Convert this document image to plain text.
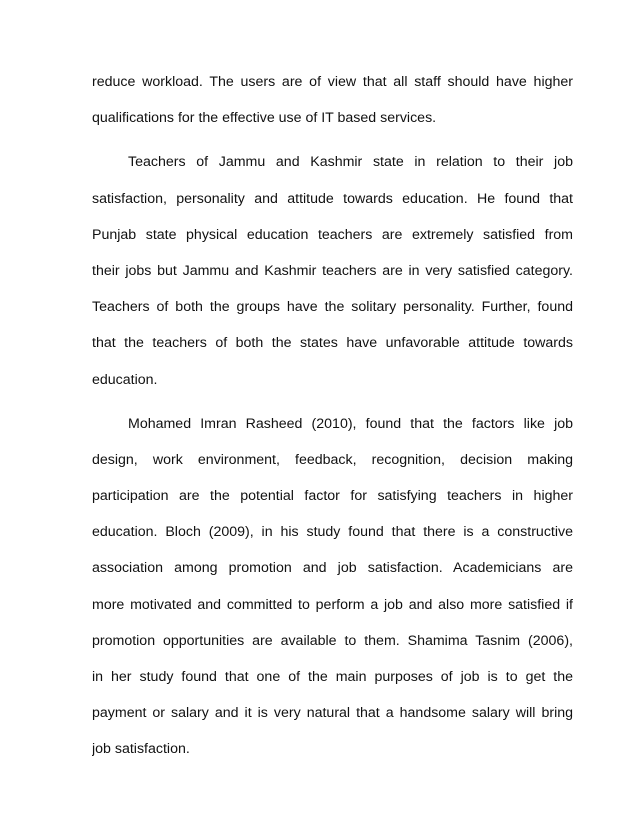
reduce workload. The users are of view that all staff should have higher
qualifications for the effective use of IT based services.
Teachers of Jammu and Kashmir state in relation to their job
satisfaction, personality and attitude towards education. He found that
Punjab state physical education teachers are extremely satisfied from
their jobs but Jammu and Kashmir teachers are in very satisfied category.
Teachers of both the groups have the solitary personality. Further, found
that the teachers of both the states have unfavorable attitude towards
education.
Mohamed Imran Rasheed (2010), found that the factors like job
design, work environment, feedback, recognition, decision making
participation are the potential factor for satisfying teachers in higher
education. Bloch (2009), in his study found that there is a constructive
association among promotion and job satisfaction. Academicians are
more motivated and committed to perform a job and also more satisfied if
promotion opportunities are available to them. Shamima Tasnim (2006),
in her study found that one of the main purposes of job is to get the
payment or salary and it is very natural that a handsome salary will bring
job satisfaction.
